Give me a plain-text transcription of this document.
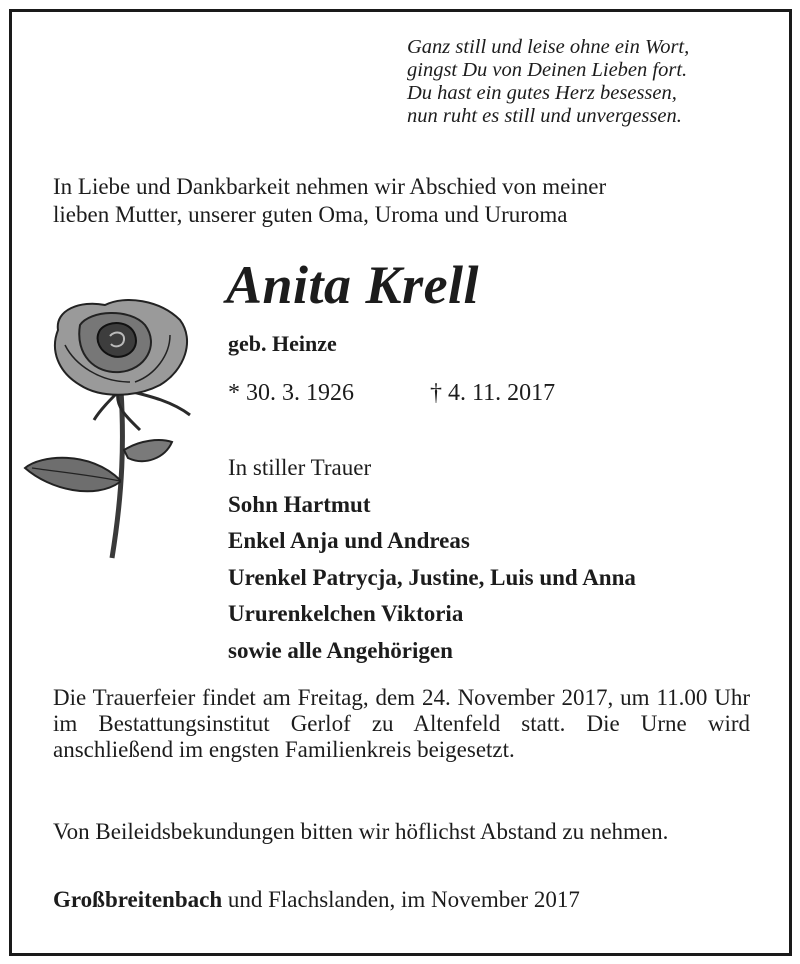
Ganz still und leise ohne ein Wort,
gingst Du von Deinen Lieben fort.
Du hast ein gutes Herz besessen,
nun ruht es still und unvergessen.
In Liebe und Dankbarkeit nehmen wir Abschied von meiner
lieben Mutter, unserer guten Oma, Uroma und Ururoma
Anita Krell
geb. Heinze
* 30. 3. 1926	† 4. 11. 2017
In stiller Trauer
Sohn Hartmut
Enkel Anja und Andreas
Urenkel Patrycja, Justine, Luis und Anna
Ururenkelchen Viktoria
sowie alle Angehörigen
Die Trauerfeier findet am Freitag, dem 24. November 2017, um 11.00 Uhr im Bestattungsinstitut Gerlof zu Altenfeld statt. Die Urne wird anschließend im engsten Familienkreis beigesetzt.
Von Beileidsbekundungen bitten wir höflichst Abstand zu nehmen.
Großbreitenbach und Flachslanden, im November 2017
